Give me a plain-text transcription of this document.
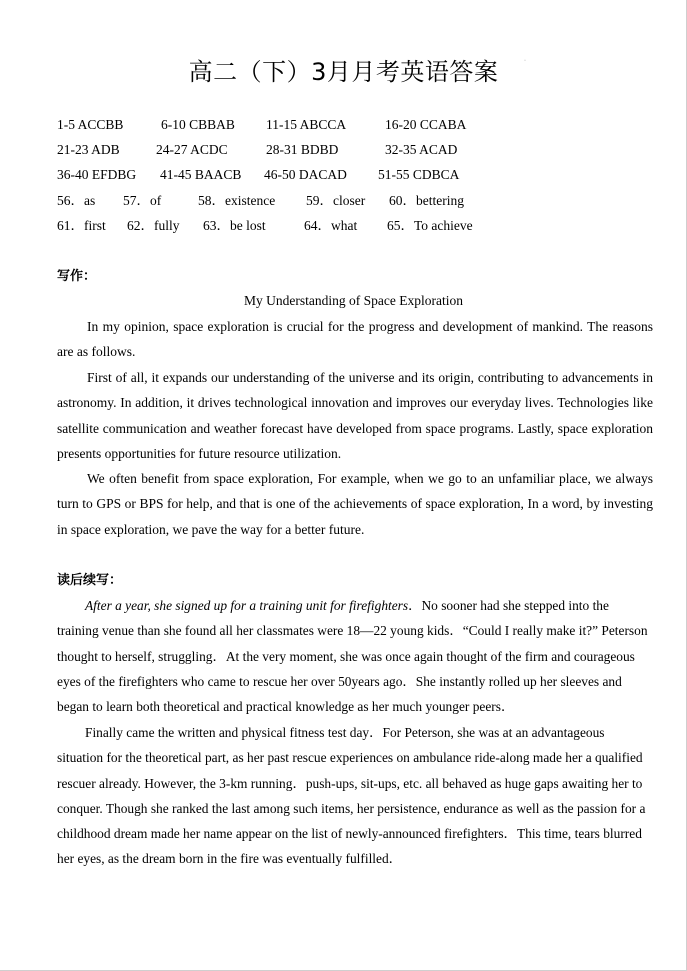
高二（下）3月月考英语答案	·
1-5 ACCBB	6-10 CBBAB 11-15 ABCCA	16-20 CCABA
21-23 ADB	24-27 ACDC	28-31 BDBD	32-35 ACAD
36-40 EFDBG 41-45 BAACB 46-50 DACAD 51-55 CDBCA
56．as 57．of	58．existence 59．closer 60．bettering
61．first 62．fully 63．be lost	64．what 65．To achieve
写作：
My Understanding of Space Exploration
In my opinion, space exploration is crucial for the progress and development of mankind. The reasons are as follows.
First of all, it expands our understanding of the universe and its origin, contributing to advancements in astronomy. In addition, it drives technological innovation and improves our everyday lives. Technologies like satellite communication and weather forecast have developed from space programs. Lastly, space exploration presents opportunities for future resource utilization.
We often benefit from space exploration, For example, when we go to an unfamiliar place, we always turn to GPS or BPS for help, and that is one of the achievements of space exploration, In a word, by investing in space exploration, we pave the way for a better future.
读后续写：
After a year, she signed up for a training unit for firefighters．No sooner had she stepped into the training venue than she found all her classmates were 18—22 young kids．“Could I really make it?” Peterson thought to herself, struggling．At the very moment, she was once again thought of the firm and courageous eyes of the firefighters who came to rescue her over 50years ago．She instantly rolled up her sleeves and began to learn both theoretical and practical knowledge as her much younger peers．
Finally came the written and physical fitness test day．For Peterson, she was at an advantageous situation for the theoretical part, as her past rescue experiences on ambulance ride-along made her a qualified rescuer already. However, the 3-km running．push-ups, sit-ups, etc. all behaved as huge gaps awaiting her to conquer. Though she ranked the last among such items, her persistence, endurance as well as the passion for a childhood dream made her name appear on the list of newly-announced firefighters．This time, tears blurred her eyes, as the dream born in the fire was eventually fulfilled．
